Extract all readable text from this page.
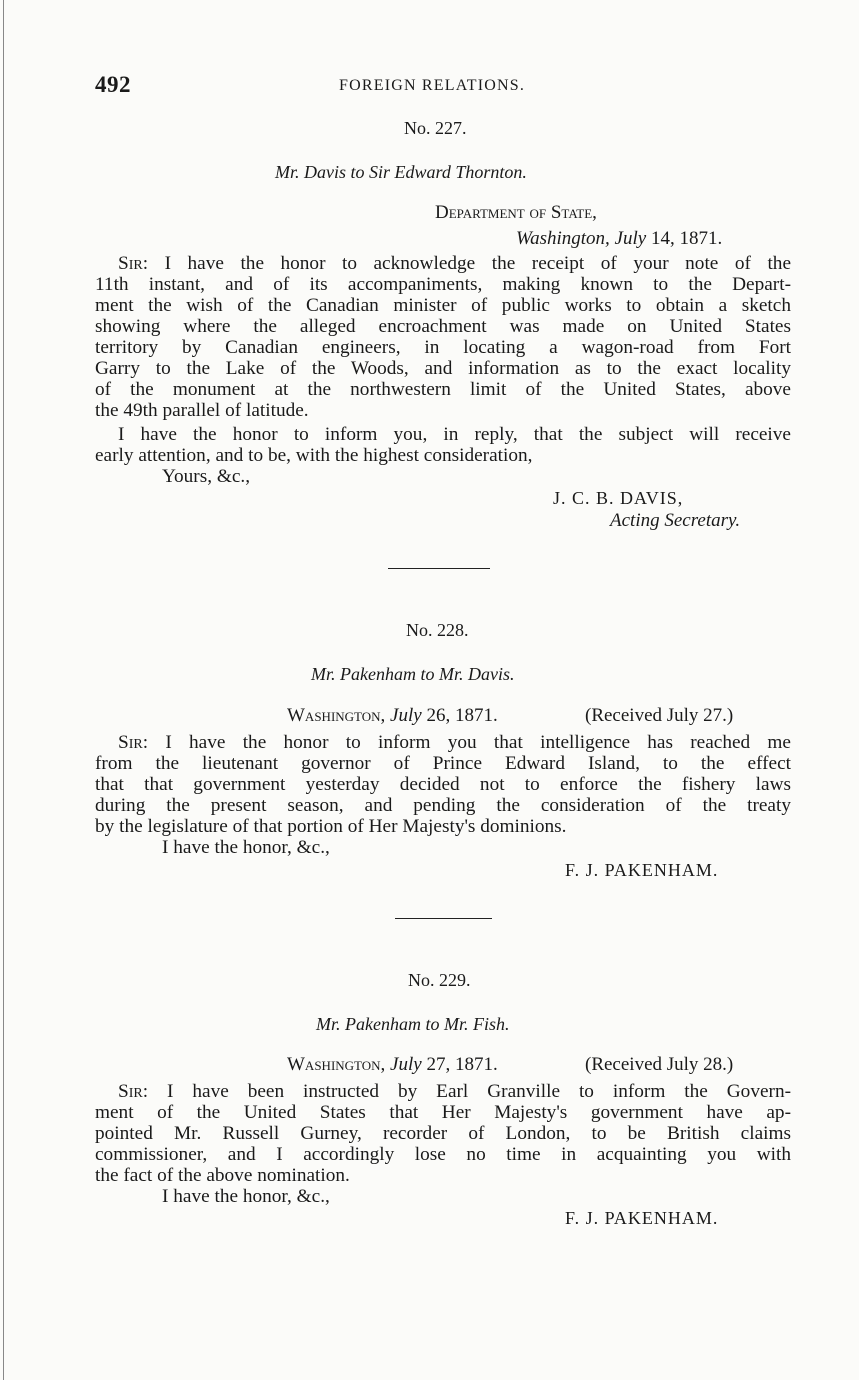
492	FOREIGN RELATIONS.
No. 227.
Mr. Davis to Sir Edward Thornton.
Department of State,
Washington, July 14, 1871.
Sir: I have the honor to acknowledge the receipt of your note of the
11th instant, and of its accompaniments, making known to the Depart-
ment the wish of the Canadian minister of public works to obtain a sketch
showing where the alleged encroachment was made on United States
territory by Canadian engineers, in locating a wagon-road from Fort
Garry to the Lake of the Woods, and information as to the exact locality
of the monument at the northwestern limit of the United States, above
the 49th parallel of latitude.
I have the honor to inform you, in reply, that the subject will receive
early attention, and to be, with the highest consideration,
Yours, &c.,
J. C. B. DAVIS,
Acting Secretary.
No. 228.
Mr. Pakenham to Mr. Davis.
Washington, July 26, 1871.	(Received July 27.)
Sir: I have the honor to inform you that intelligence has reached me
from the lieutenant governor of Prince Edward Island, to the effect
that that government yesterday decided not to enforce the fishery laws
during the present season, and pending the consideration of the treaty
by the legislature of that portion of Her Majesty's dominions.
I have the honor, &c.,
F. J. PAKENHAM.
No. 229.
Mr. Pakenham to Mr. Fish.
Washington, July 27, 1871.	(Received July 28.)
Sir: I have been instructed by Earl Granville to inform the Govern-
ment of the United States that Her Majesty's government have ap-
pointed Mr. Russell Gurney, recorder of London, to be British claims
commissioner, and I accordingly lose no time in acquainting you with
the fact of the above nomination.
I have the honor, &c.,
F. J. PAKENHAM.
